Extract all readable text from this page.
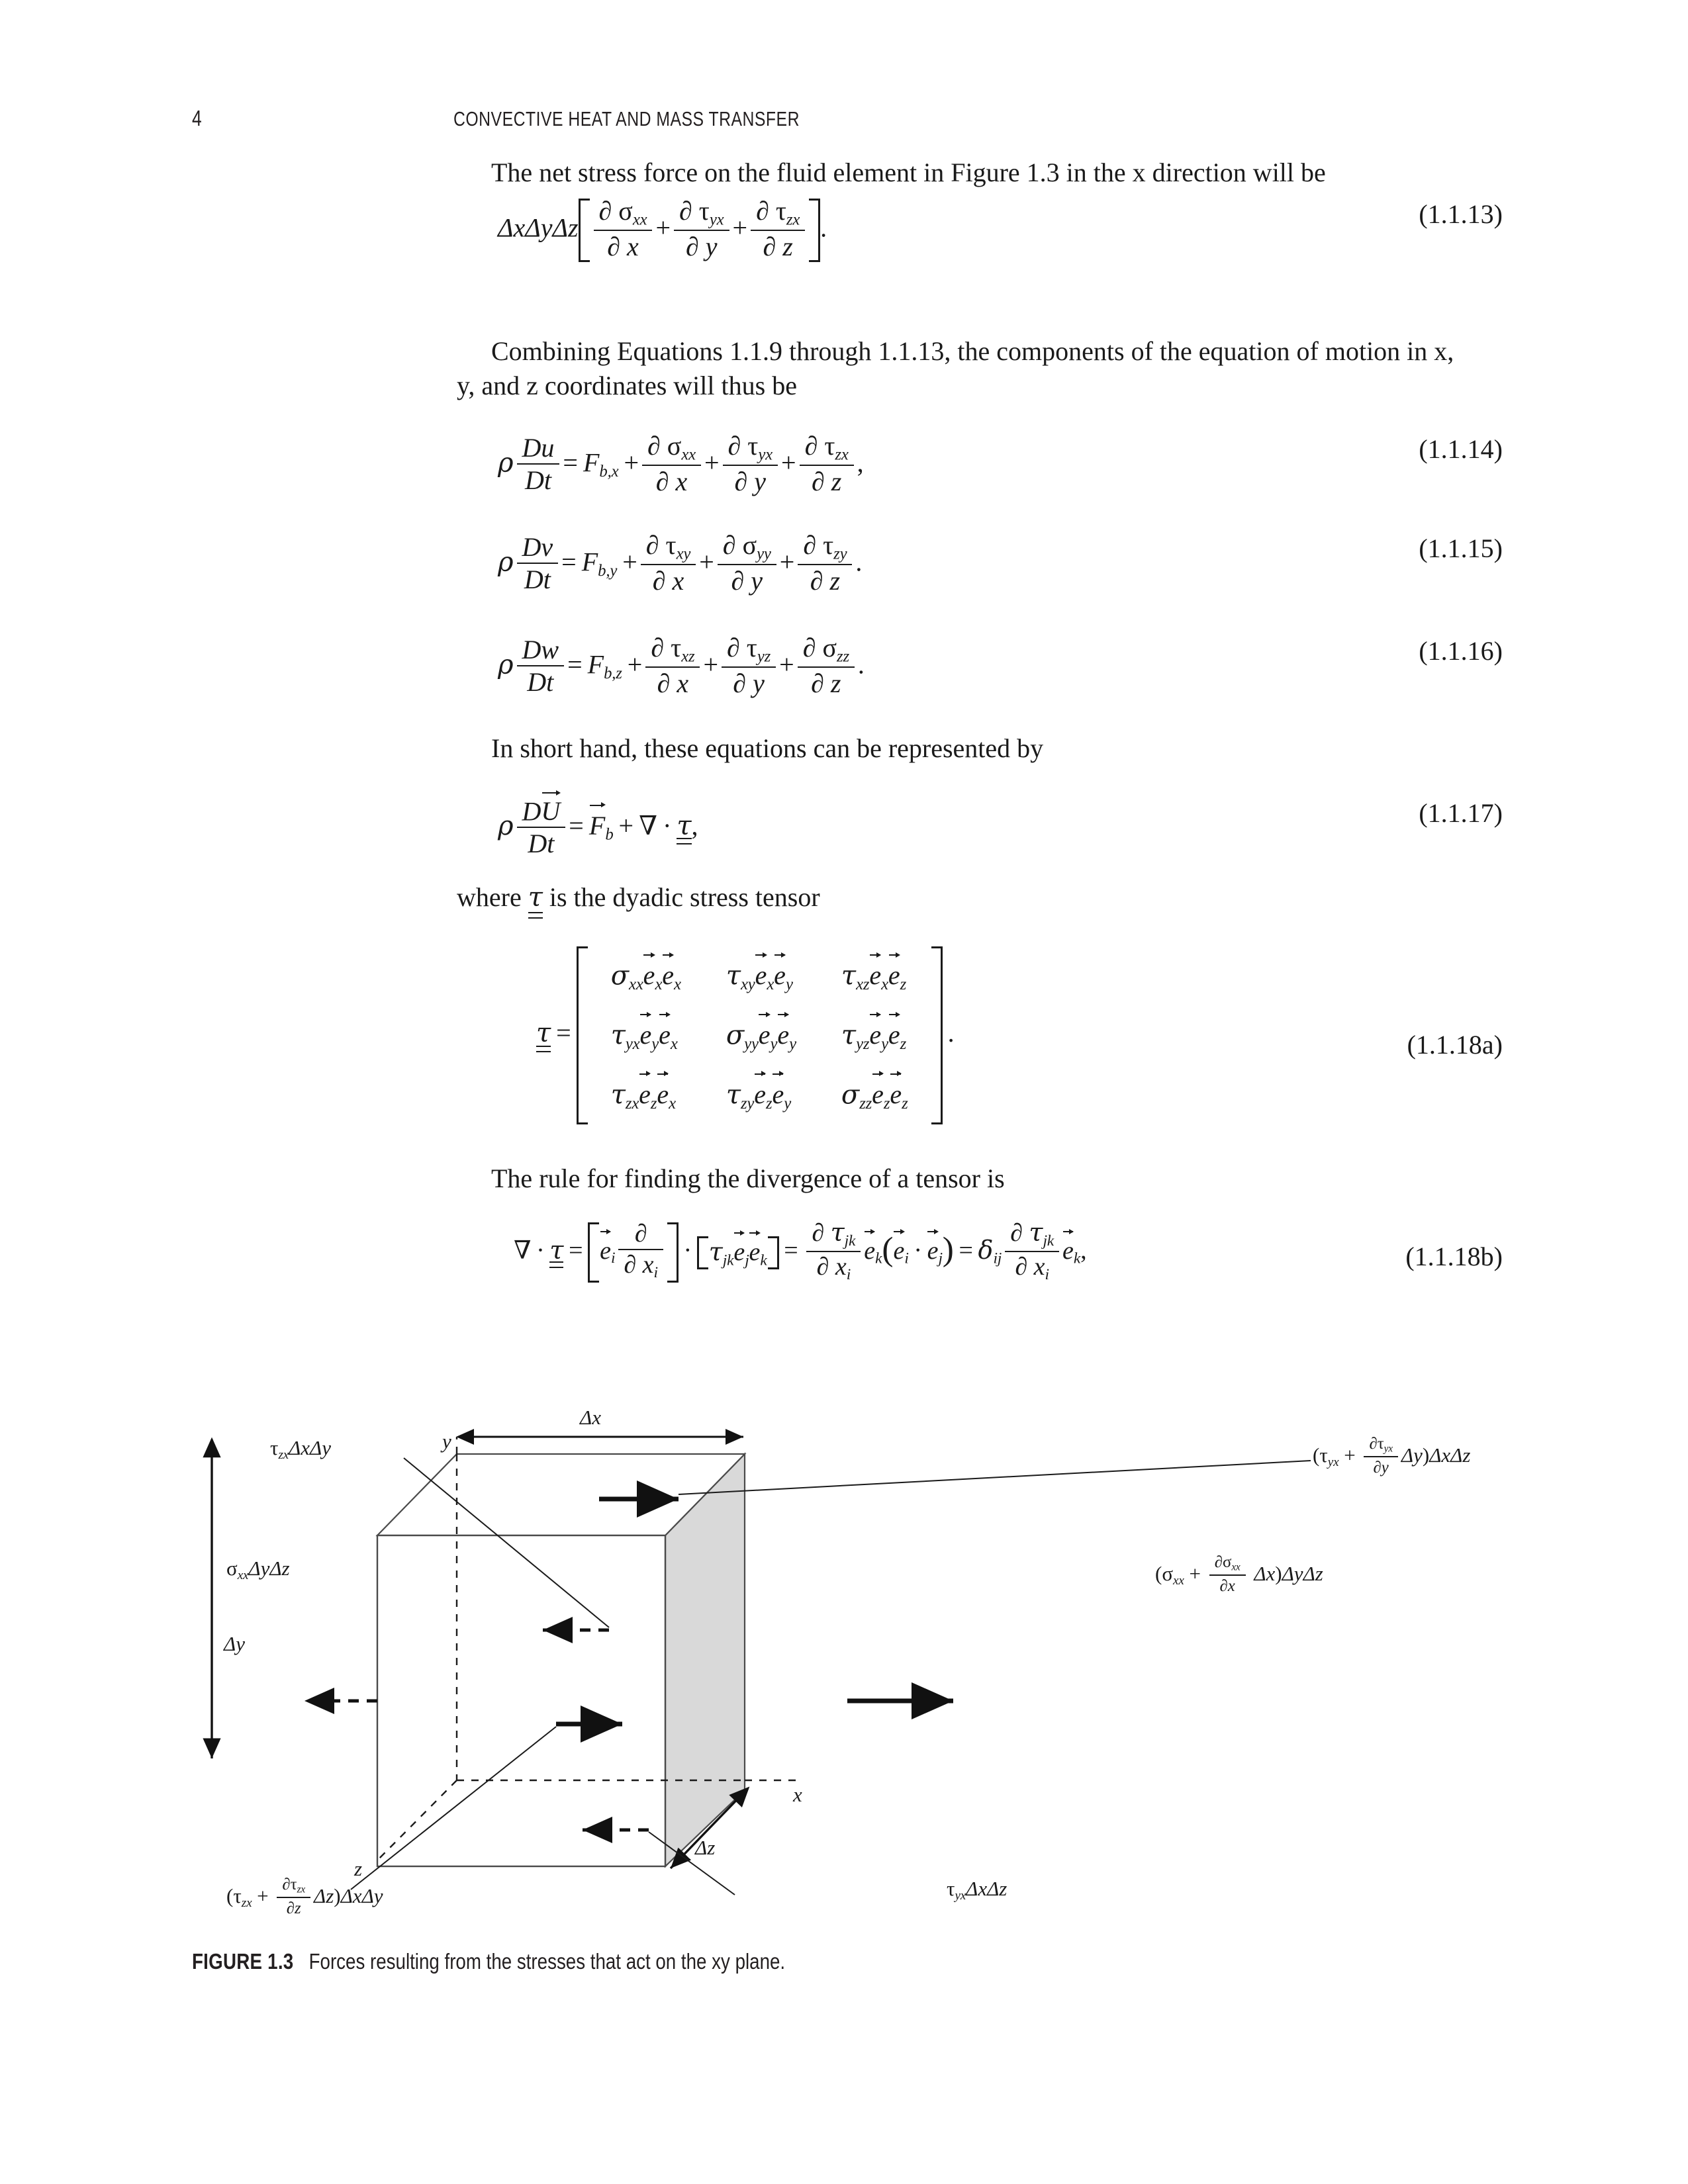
4	CONVECTIVE HEAT AND MASS TRANSFER

The net stress force on the fluid element in Figure 1.3 in the x direction will be

ΔxΔyΔz $\frac{\partial \sigma_{xx}}{\partial x} + \frac{\partial \tau_{yx}}{\partial y} + \frac{\partial \tau_{zx}}{\partial z}$ .	(1.1.13)

Combining Equations 1.1.9 through 1.1.13, the components of the equation of motion in x,

y, and z coordinates will thus be

ρ $\frac{Du}{Dt} = F_{b,x} + \frac{\partial \sigma_{xx}}{\partial x} + \frac{\partial \tau_{yx}}{\partial y} + \frac{\partial \tau_{zx}}{\partial z}$ ,	(1.1.14)
ρ $\frac{Dv}{Dt} = F_{b,y} + \frac{\partial \tau_{xy}}{\partial x} + \frac{\partial \sigma_{yy}}{\partial y} + \frac{\partial \tau_{zy}}{\partial z}$ .	(1.1.15)
ρ $\frac{Dw}{Dt} = F_{b,z} + \frac{\partial \tau_{xz}}{\partial x} + \frac{\partial \tau_{yz}}{\partial y} + \frac{\partial \sigma_{zz}}{\partial z}$ .	(1.1.16)

In short hand, these equations can be represented by

ρ $\frac{DU}{Dt} = F_b$  +  ∇  ·  τ,	(1.1.17)

where τ is the dyadic stress tensor

$\tau = \sigma_{xx}e_xe_x$	$\tau_{xy}e_xe_y$	$\tau_{xz}e_xe_z$
$\tau_{yx}e_ye_x$	$\sigma_{yy}e_ye_y$	$\tau_{yz}e_ye_z$
$\tau_{zx}e_ze_x$	$\tau_{zy}e_ze_y$	$\sigma_{zz}e_ze_z$ .	(1.1.18a)

The rule for finding the divergence of a tensor is

∇  ·  $\tau = e_i \frac{\partial}{\partial x_i}$
  ·  $\tau_{jk}e_je_k = \frac{\partial \tau_{jk}}{\partial x_i} e_k(e_i \cdot e_j) = \delta_{ij} \frac{\partial \tau_{jk}}{\partial x_i} e_k$,	(1.1.18b)
$\tau_{zx}\Delta x\Delta y$	y
Δx
x
z
Δy
Δz
$(\tau_{yx} + \frac{\partial\tau_{yx}}{\partial y} \Delta y)\Delta x\Delta z$
$\sigma_{xx}\Delta y\Delta z$	$(\sigma_{xx} + \frac{\partial\sigma_{xx}}{\partial x} \Delta x)\Delta y\Delta z$
$\tau_{yx}\Delta x\Delta z$
$(\tau_{zx} + \frac{\partial\tau_{zx}}{\partial z} \Delta z)\Delta x\Delta y$
FIGURE 1.3 Forces resulting from the stresses that act on the xy plane.
